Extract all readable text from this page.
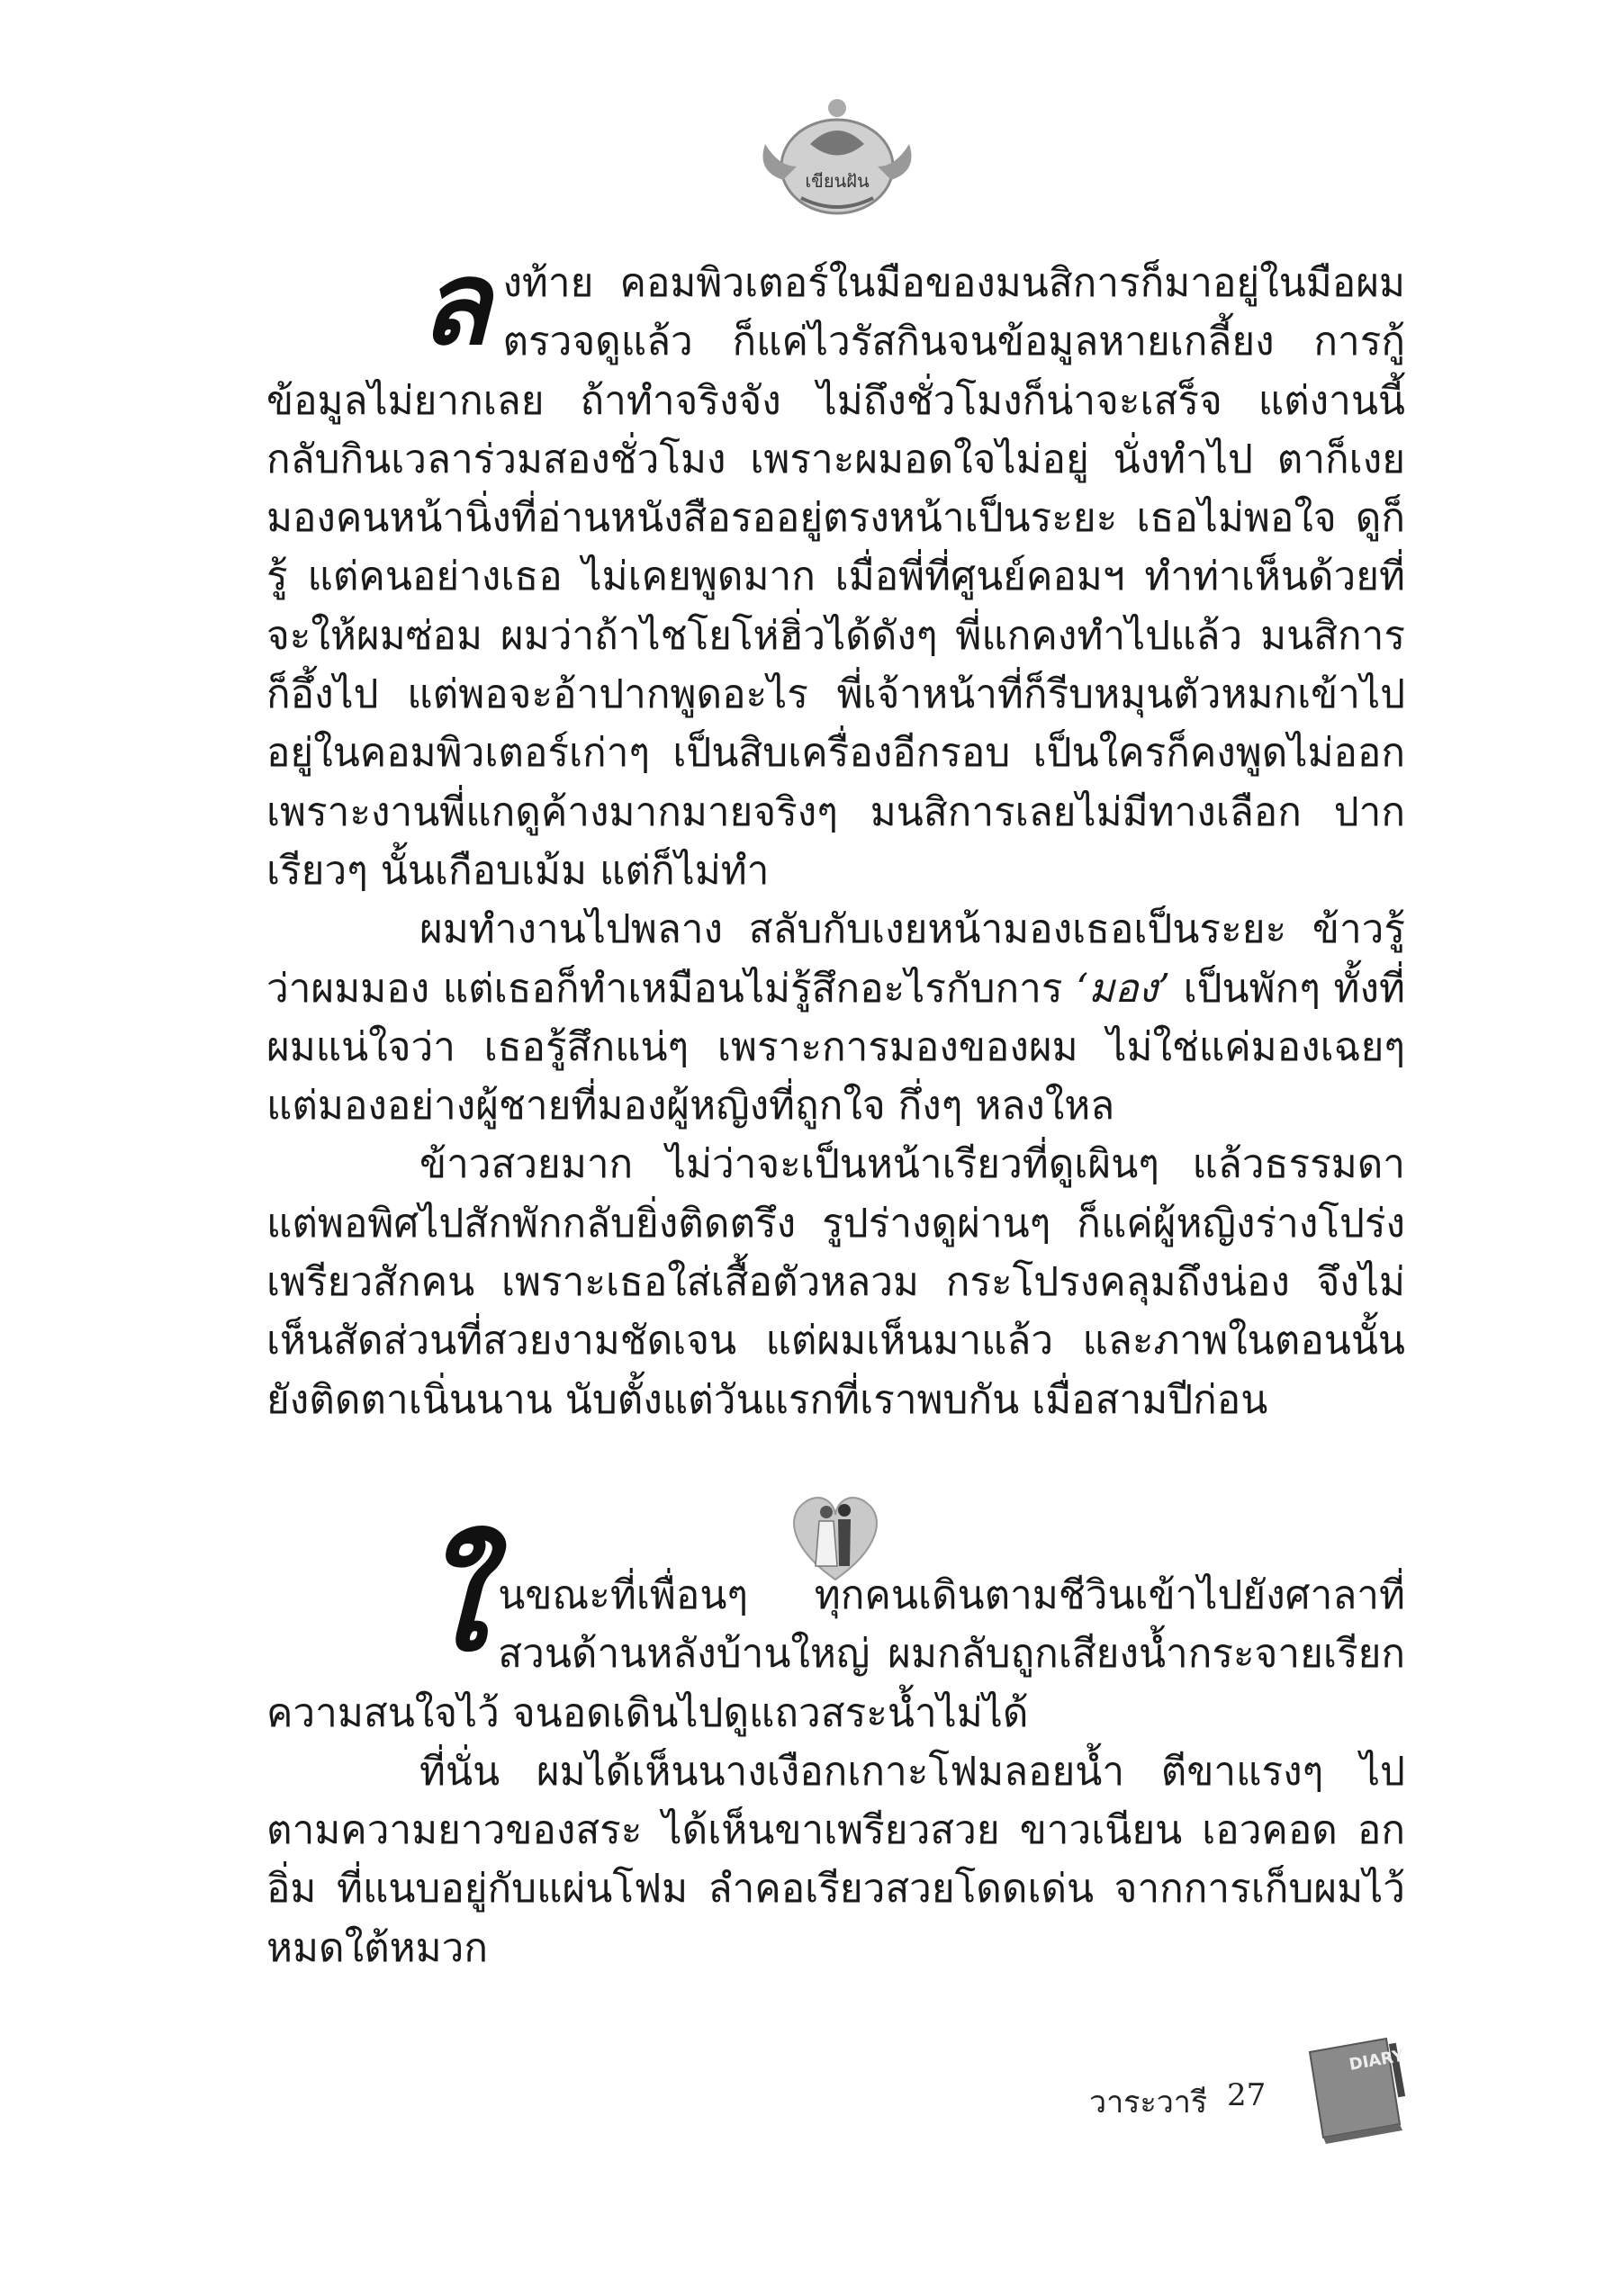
เขียนฝัน
ล งท้าย คอมพิวเตอร์ในมือของมนสิการก็มาอยู่ในมือผม ตรวจดูแล้ว ก็แค่ไวรัสกินจนข้อมูลหายเกลี้ยง การกู้ข้อมูลไม่ยากเลย ถ้าทำจริงจัง ไม่ถึงชั่วโมงก็น่าจะเสร็จ แต่งานนี้กลับกินเวลาร่วมสองชั่วโมง เพราะผมอดใจไม่อยู่ นั่งทำไป ตาก็เงยมองคนหน้านิ่งที่อ่านหนังสือรออยู่ตรงหน้าเป็นระยะ เธอไม่พอใจ ดูก็รู้ แต่คนอย่างเธอ ไม่เคยพูดมาก เมื่อพี่ที่ศูนย์คอมฯ ทำท่าเห็นด้วยที่จะให้ผมซ่อม ผมว่าถ้าไชโยโห่ฮิ่วได้ดังๆ พี่แกคงทำไปแล้ว มนสิการก็อึ้งไป แต่พอจะอ้าปากพูดอะไร พี่เจ้าหน้าที่ก็รีบหมุนตัวหมกเข้าไปอยู่ในคอมพิวเตอร์เก่าๆ เป็นสิบเครื่องอีกรอบ เป็นใครก็คงพูดไม่ออก เพราะงานพี่แกดูค้างมากมายจริงๆ มนสิการเลยไม่มีทางเลือก ปากเรียวๆ นั้นเกือบเม้ม แต่ก็ไม่ทำ

ผมทำงานไปพลาง สลับกับเงยหน้ามองเธอเป็นระยะ ข้าวรู้ว่าผมมอง แต่เธอก็ทำเหมือนไม่รู้สึกอะไรกับการ ‘มอง’ เป็นพักๆ ทั้งที่ผมแน่ใจว่า เธอรู้สึกแน่ๆ เพราะการมองของผม ไม่ใช่แค่มองเฉยๆ แต่มองอย่างผู้ชายที่มองผู้หญิงที่ถูกใจ กึ่งๆ หลงใหล

ข้าวสวยมาก ไม่ว่าจะเป็นหน้าเรียวที่ดูเผินๆ แล้วธรรมดา แต่พอพิศไปสักพักกลับยิ่งติดตรึง รูปร่างดูผ่านๆ ก็แค่ผู้หญิงร่างโปร่งเพรียวสักคน เพราะเธอใส่เสื้อตัวหลวม กระโปรงคลุมถึงน่อง จึงไม่เห็นสัดส่วนที่สวยงามชัดเจน แต่ผมเห็นมาแล้ว และภาพในตอนนั้นยังติดตาเนิ่นนาน นับตั้งแต่วันแรกที่เราพบกัน เมื่อสามปีก่อน

ใ นขณะที่เพื่อนๆ ทุกคนเดินตามชีวินเข้าไปยังศาลาที่สวนด้านหลังบ้านใหญ่ ผมกลับถูกเสียงน้ำกระจายเรียกความสนใจไว้ จนอดเดินไปดูแถวสระน้ำไม่ได้

ที่นั่น ผมได้เห็นนางเงือกเกาะโฟมลอยน้ำ ตีขาแรงๆ ไปตามความยาวของสระ ได้เห็นขาเพรียวสวย ขาวเนียน เอวคอด อกอิ่ม ที่แนบอยู่กับแผ่นโฟม ลำคอเรียวสวยโดดเด่น จากการเก็บผมไว้หมดใต้หมวก

วาระวารี 27
DIARY
